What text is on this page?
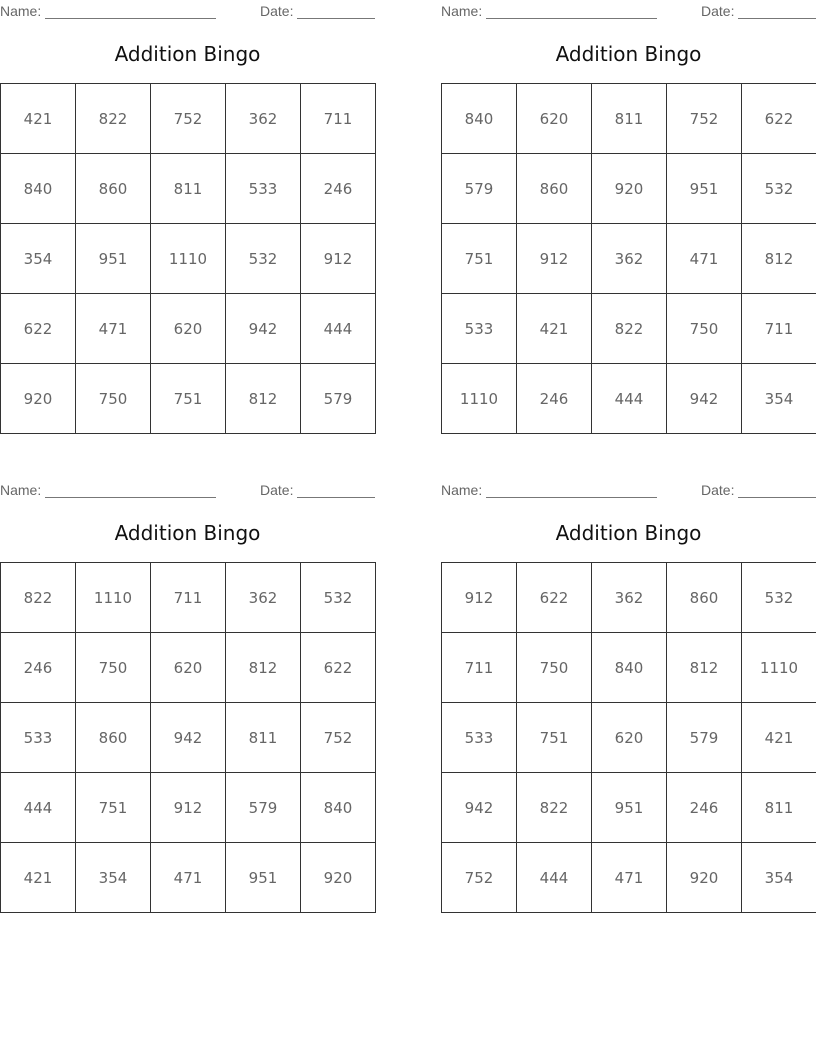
Name:	Date:
Addition Bingo
421	822	752	362	711
840	860	811	533	246
354	951	1110	532	912
622	471	620	942	444
920	750	751	812	579
Name:	Date:
Addition Bingo
840	620	811	752	622
579	860	920	951	532
751	912	362	471	812
533	421	822	750	711
1110	246	444	942	354
Name:	Date:
Addition Bingo
822	1110	711	362	532
246	750	620	812	622
533	860	942	811	752
444	751	912	579	840
421	354	471	951	920
Name:	Date:
Addition Bingo
912	622	362	860	532
711	750	840	812	1110
533	751	620	579	421
942	822	951	246	811
752	444	471	920	354
